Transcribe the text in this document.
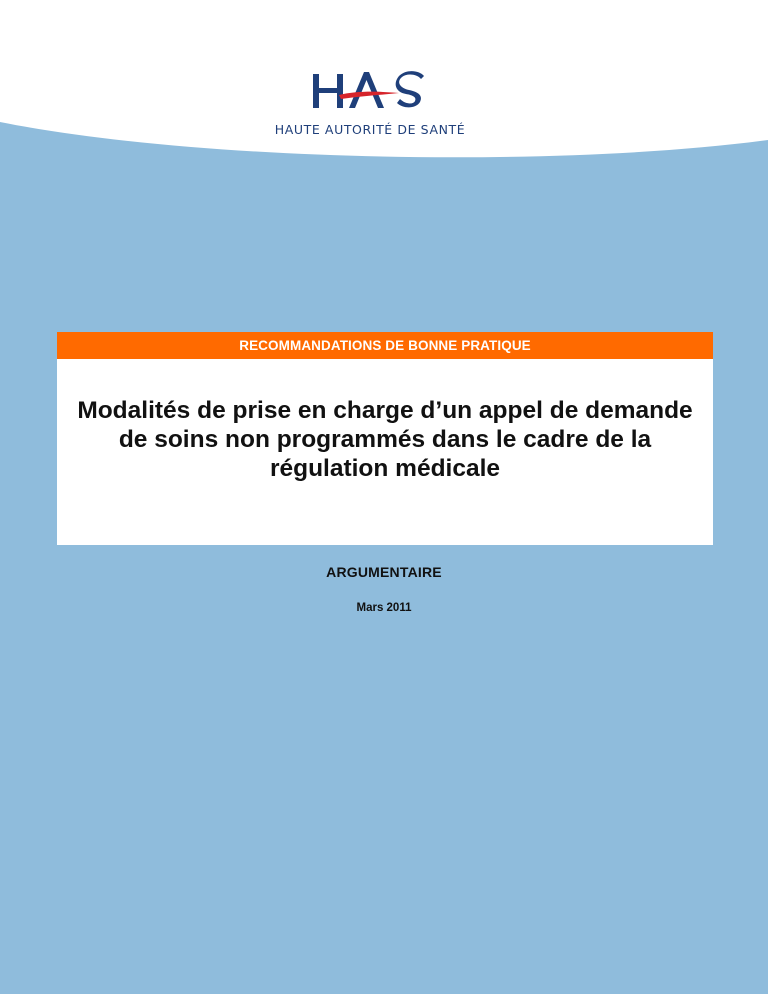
HAUTE AUTORITÉ DE SANTÉ
RECOMMANDATIONS DE BONNE PRATIQUE
Modalités de prise en charge d’un appel de demande de soins non programmés dans le cadre de la régulation médicale
ARGUMENTAIRE
Mars 2011
